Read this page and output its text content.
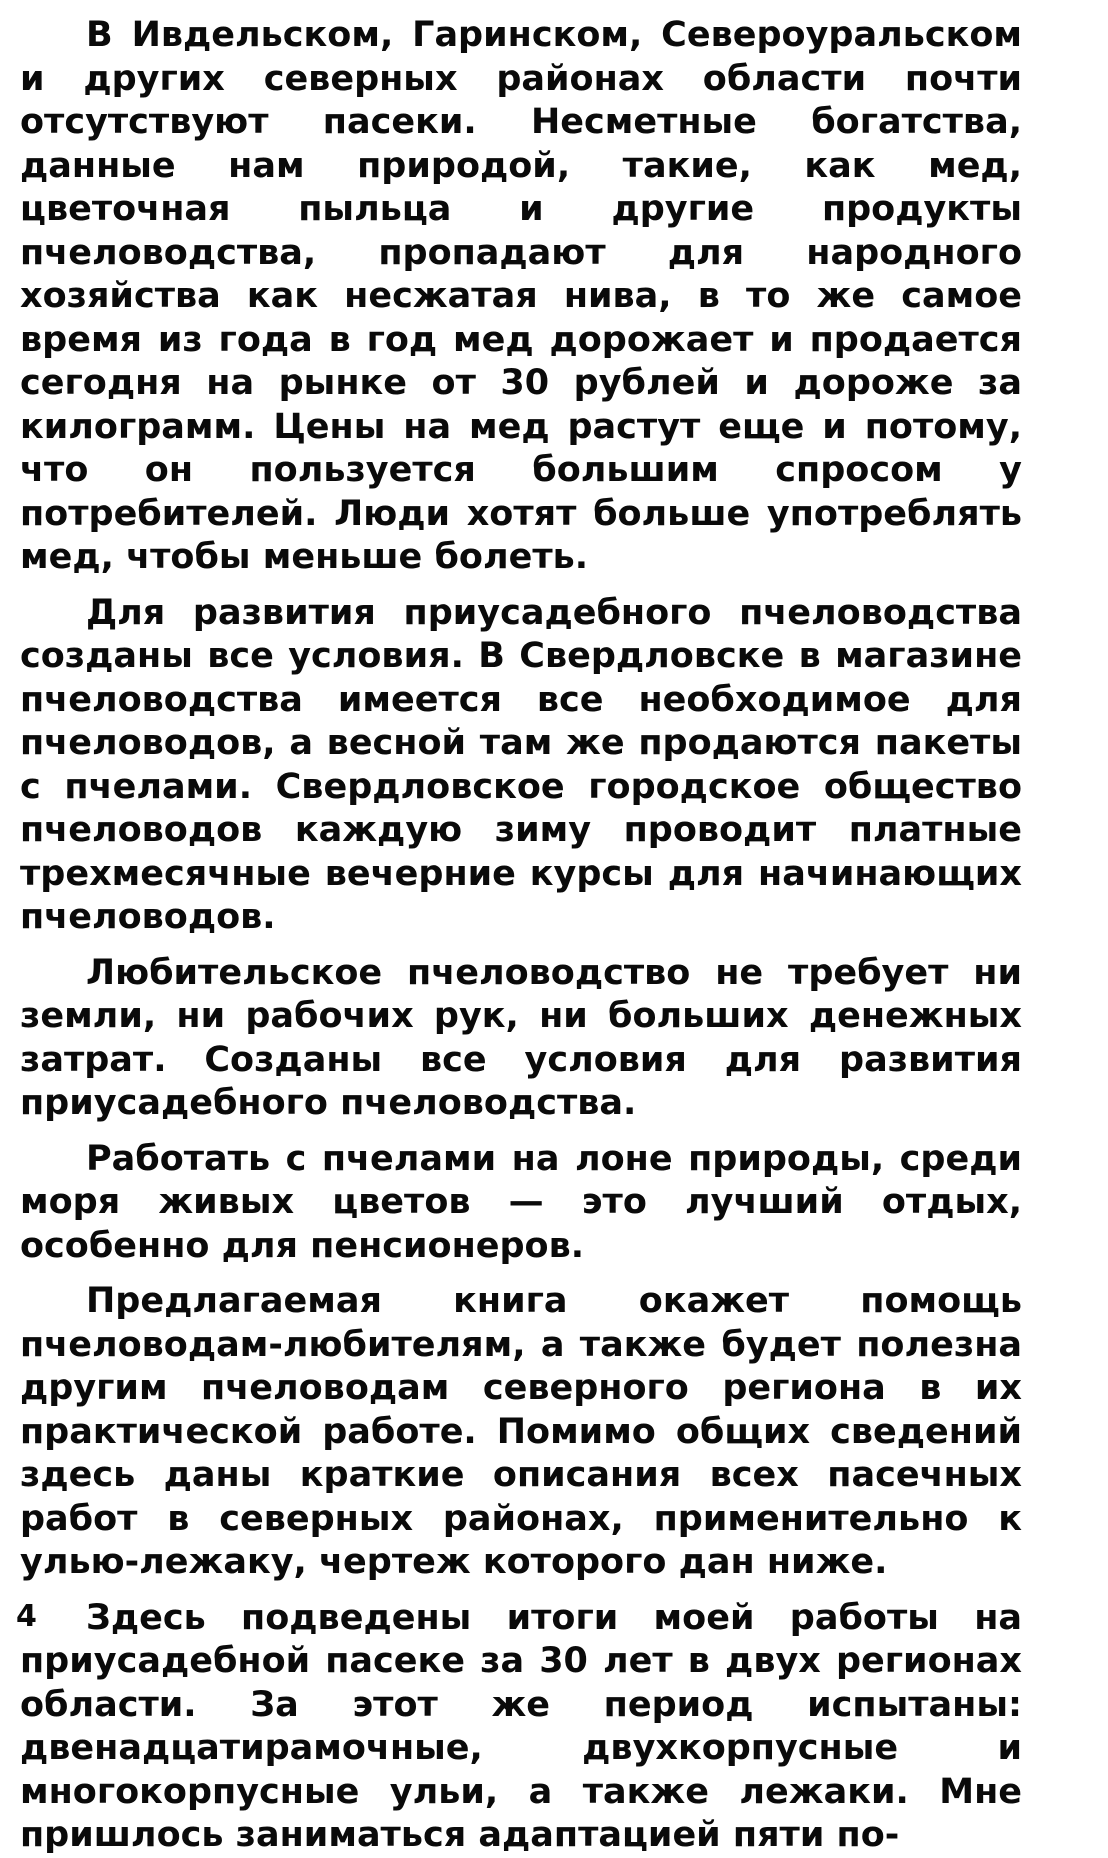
В Ивдельском, Гаринском, Североуральском и других северных районах области почти отсутствуют пасеки. Несметные богатства, данные нам природой, такие, как мед, цветочная пыльца и другие продукты пчеловодства, пропадают для народного хозяйства как несжатая нива, в то же самое время из года в год мед дорожает и продается сегодня на рынке от 30 рублей и дороже за килограмм. Цены на мед растут еще и потому, что он пользуется большим спросом у потребителей. Люди хотят больше употреблять мед, чтобы меньше болеть.

Для развития приусадебного пчеловодства созданы все условия. В Свердловске в магазине пчеловодства имеется все необходимое для пчеловодов, а весной там же продаются пакеты с пчелами. Свердловское городское общество пчеловодов каждую зиму проводит платные трехмесячные вечерние курсы для начинающих пчеловодов.

Любительское пчеловодство не требует ни земли, ни рабочих рук, ни больших денежных затрат. Созданы все условия для развития приусадебного пчеловодства.

Работать с пчелами на лоне природы, среди моря живых цветов — это лучший отдых, особенно для пенсионеров.

Предлагаемая книга окажет помощь пчеловодам-любителям, а также будет полезна другим пчеловодам северного региона в их практической работе. Помимо общих сведений здесь даны краткие описания всех пасечных работ в северных районах, применительно к улью-лежаку, чертеж которого дан ниже.

Здесь подведены итоги моей работы на приусадебной пасеке за 30 лет в двух регионах области. За этот же период испытаны: двенадцатирамочные, двухкорпусные и многокорпусные ульи, а также лежаки. Мне пришлось заниматься адаптацией пяти по-

4
